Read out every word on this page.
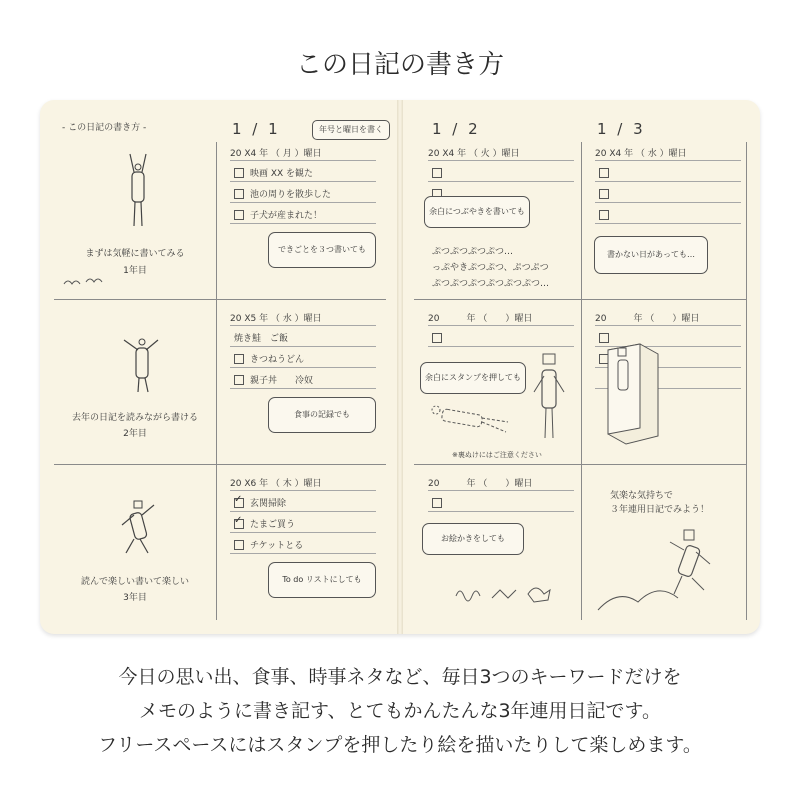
この日記の書き方
- この日記の書き方 -
まずは気軽に書いてみる
1年目
去年の日記を読みながら書ける
2年目
読んで楽しい書いて楽しい
3年目
1 / 1	年号と曜日を書く
20 X4 年 （ 月 ）曜日
映画 XX を観た
池の周りを散歩した
子犬が産まれた！
できごとを３つ書いても
20 X5 年 （ 水 ）曜日
焼き鮭　ご飯
きつねうどん
親子丼　　冷奴
食事の記録でも
20 X6 年 （ 木 ）曜日
✓
玄関掃除
✓
たまご買う
チケットとる
To do リストにしても
1 / 2
20 X4 年 （ 火 ）曜日
余白につぶやきを書いても
ぷつぷつぷつぷつ…
っぷやきぷつぷつ、ぷつぷつ
ぷつぷつぷつぷつぷつぷつ…
20　　　年 （　　）曜日
余白にスタンプを押しても
※裏ぬけにはご注意ください
20　　　年 （　　）曜日
お絵かきをしても
1 / 3
20 X4 年 （ 水 ）曜日
書かない日があっても…
20　　　年 （　　）曜日
気楽な気持ちで
３年連用日記でみよう！
今日の思い出、食事、時事ネタなど、毎日3つのキーワードだけを
メモのように書き記す、とてもかんたんな3年連用日記です。
フリースペースにはスタンプを押したり絵を描いたりして楽しめます。
